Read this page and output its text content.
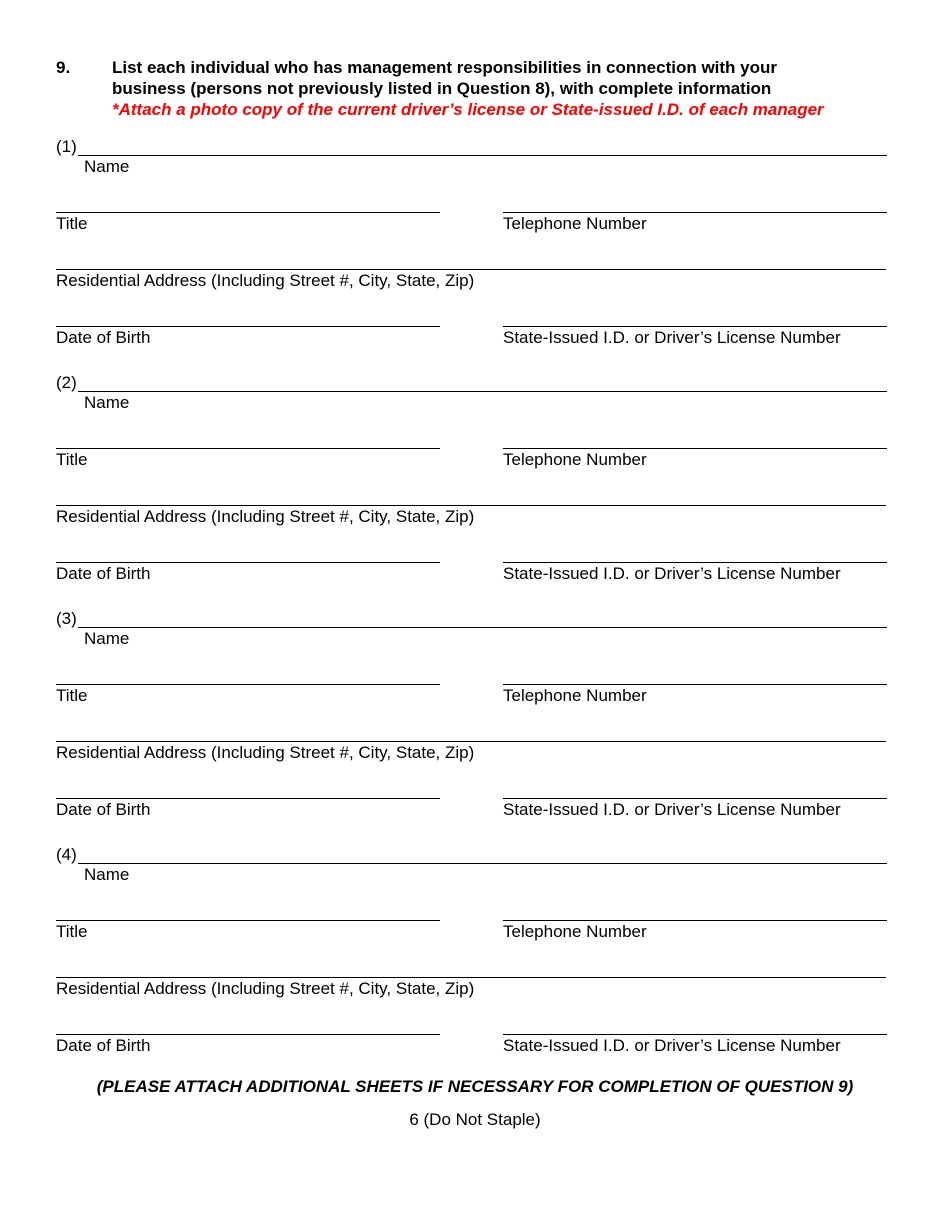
9. List each individual who has management responsibilities in connection with your
business (persons not previously listed in Question 8), with complete information
*Attach a photo copy of the current driver’s license or State-issued I.D. of each manager
(1)
Name
Title	Telephone Number
Residential Address (Including Street #, City, State, Zip)
Date of Birth	State-Issued I.D. or Driver’s License Number
(2)
Name
Title	Telephone Number
Residential Address (Including Street #, City, State, Zip)
Date of Birth	State-Issued I.D. or Driver’s License Number
(3)
Name
Title	Telephone Number
Residential Address (Including Street #, City, State, Zip)
Date of Birth	State-Issued I.D. or Driver’s License Number
(4)
Name
Title	Telephone Number
Residential Address (Including Street #, City, State, Zip)
Date of Birth	State-Issued I.D. or Driver’s License Number
(PLEASE ATTACH ADDITIONAL SHEETS IF NECESSARY FOR COMPLETION OF QUESTION 9)
6 (Do Not Staple)
